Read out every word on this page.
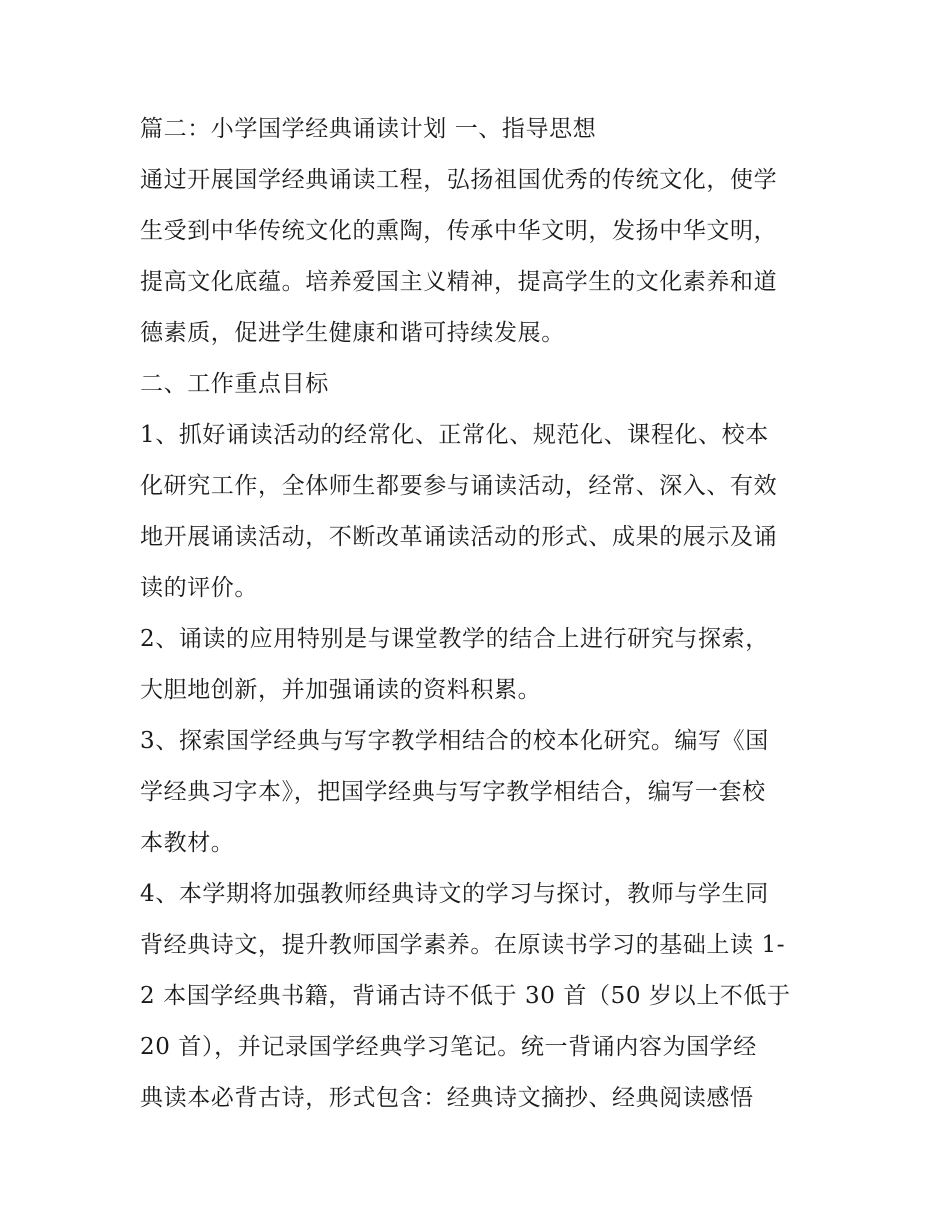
篇二：小学国学经典诵读计划 一、指导思想

通过开展国学经典诵读工程，弘扬祖国优秀的传统文化，使学

生受到中华传统文化的熏陶，传承中华文明，发扬中华文明，

提高文化底蕴。培养爱国主义精神，提高学生的文化素养和道

德素质，促进学生健康和谐可持续发展。

二、工作重点目标

1、抓好诵读活动的经常化、正常化、规范化、课程化、校本

化研究工作，全体师生都要参与诵读活动，经常、深入、有效

地开展诵读活动，不断改革诵读活动的形式、成果的展示及诵

读的评价。

2、诵读的应用特别是与课堂教学的结合上进行研究与探索，

大胆地创新，并加强诵读的资料积累。

3、探索国学经典与写字教学相结合的校本化研究。编写《国

学经典习字本》，把国学经典与写字教学相结合，编写一套校

本教材。

4、本学期将加强教师经典诗文的学习与探讨，教师与学生同

背经典诗文，提升教师国学素养。在原读书学习的基础上读 1-

2 本国学经典书籍，背诵古诗不低于 30 首（50 岁以上不低于

20 首），并记录国学经典学习笔记。统一背诵内容为国学经

典读本必背古诗，形式包含：经典诗文摘抄、经典阅读感悟
